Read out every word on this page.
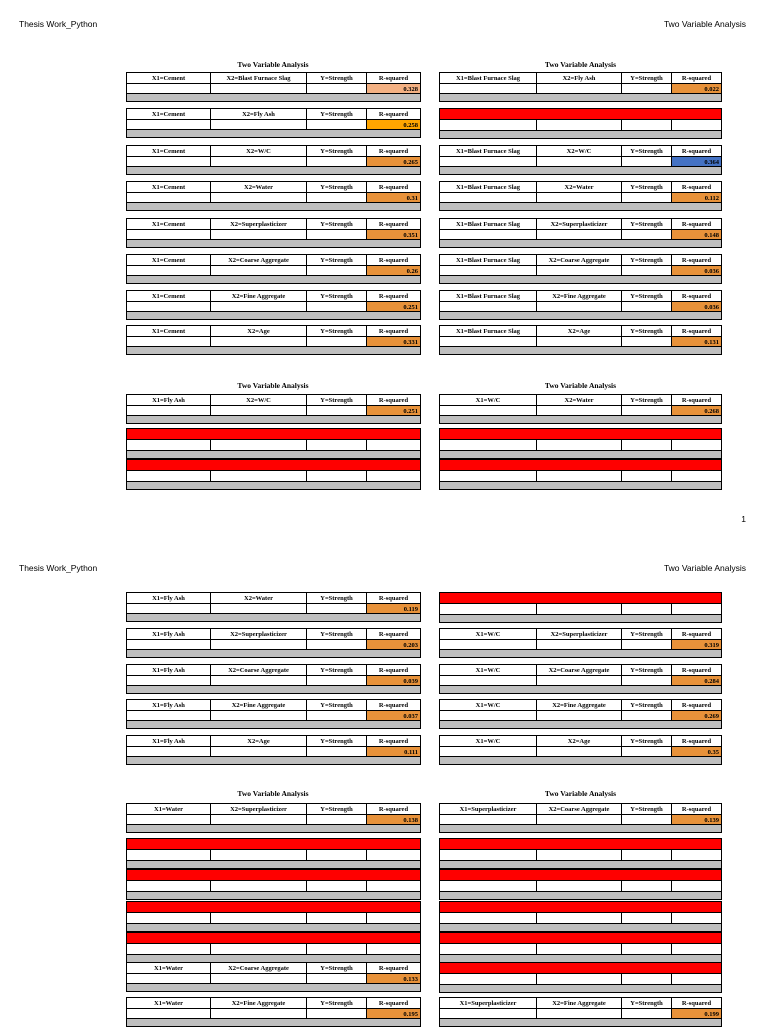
Thesis Work_Python	Two Variable Analysis
1
Two Variable Analysis	Two Variable Analysis
X1=Cement	X2=Blast Furnace Slag	Y=Strength	R-squared
0.328
X1=Cement	X2=Fly Ash	Y=Strength	R-squared
0.258
X1=Cement	X2=W/C	Y=Strength	R-squared
0.265
X1=Cement	X2=Water	Y=Strength	R-squared
0.31
X1=Cement	X2=Superplasticizer	Y=Strength	R-squared
0.351
X1=Cement	X2=Coarse Aggregate	Y=Strength	R-squared
0.26
X1=Cement	X2=Fine Aggregate	Y=Strength	R-squared
0.251
X1=Cement	X2=Age	Y=Strength	R-squared
0.331
X1=Blast Furnace Slag	X2=Fly Ash	Y=Strength	R-squared
0.022
X1=Blast Furnace Slag	X2=W/C	Y=Strength	R-squared
0.364
X1=Blast Furnace Slag	X2=Water	Y=Strength	R-squared
0.112
X1=Blast Furnace Slag	X2=Superplasticizer	Y=Strength	R-squared
0.148
X1=Blast Furnace Slag	X2=Coarse Aggregate	Y=Strength	R-squared
0.036
X1=Blast Furnace Slag	X2=Fine Aggregate	Y=Strength	R-squared
0.036
X1=Blast Furnace Slag	X2=Age	Y=Strength	R-squared
0.131
Two Variable Analysis	Two Variable Analysis
X1=Fly Ash	X2=W/C	Y=Strength	R-squared
0.251
X1=W/C	X2=Water	Y=Strength	R-squared
0.268
Thesis Work_Python	Two Variable Analysis
X1=Fly Ash	X2=Water	Y=Strength	R-squared
0.119
X1=Fly Ash	X2=Superplasticizer	Y=Strength	R-squared
0.203
X1=Fly Ash	X2=Coarse Aggregate	Y=Strength	R-squared
0.039
X1=Fly Ash	X2=Fine Aggregate	Y=Strength	R-squared
0.037
X1=Fly Ash	X2=Age	Y=Strength	R-squared
0.111
X1=W/C	X2=Superplasticizer	Y=Strength	R-squared
0.319
X1=W/C	X2=Coarse Aggregate	Y=Strength	R-squared
0.284
X1=W/C	X2=Fine Aggregate	Y=Strength	R-squared
0.269
X1=W/C	X2=Age	Y=Strength	R-squared
0.35
Two Variable Analysis	Two Variable Analysis
X1=Water	X2=Superplasticizer	Y=Strength	R-squared
0.138
X1=Water	X2=Coarse Aggregate	Y=Strength	R-squared
0.133
X1=Water	X2=Fine Aggregate	Y=Strength	R-squared
0.195
X1=Superplasticizer	X2=Coarse Aggregate	Y=Strength	R-squared
0.139
X1=Superplasticizer	X2=Fine Aggregate	Y=Strength	R-squared
0.199
